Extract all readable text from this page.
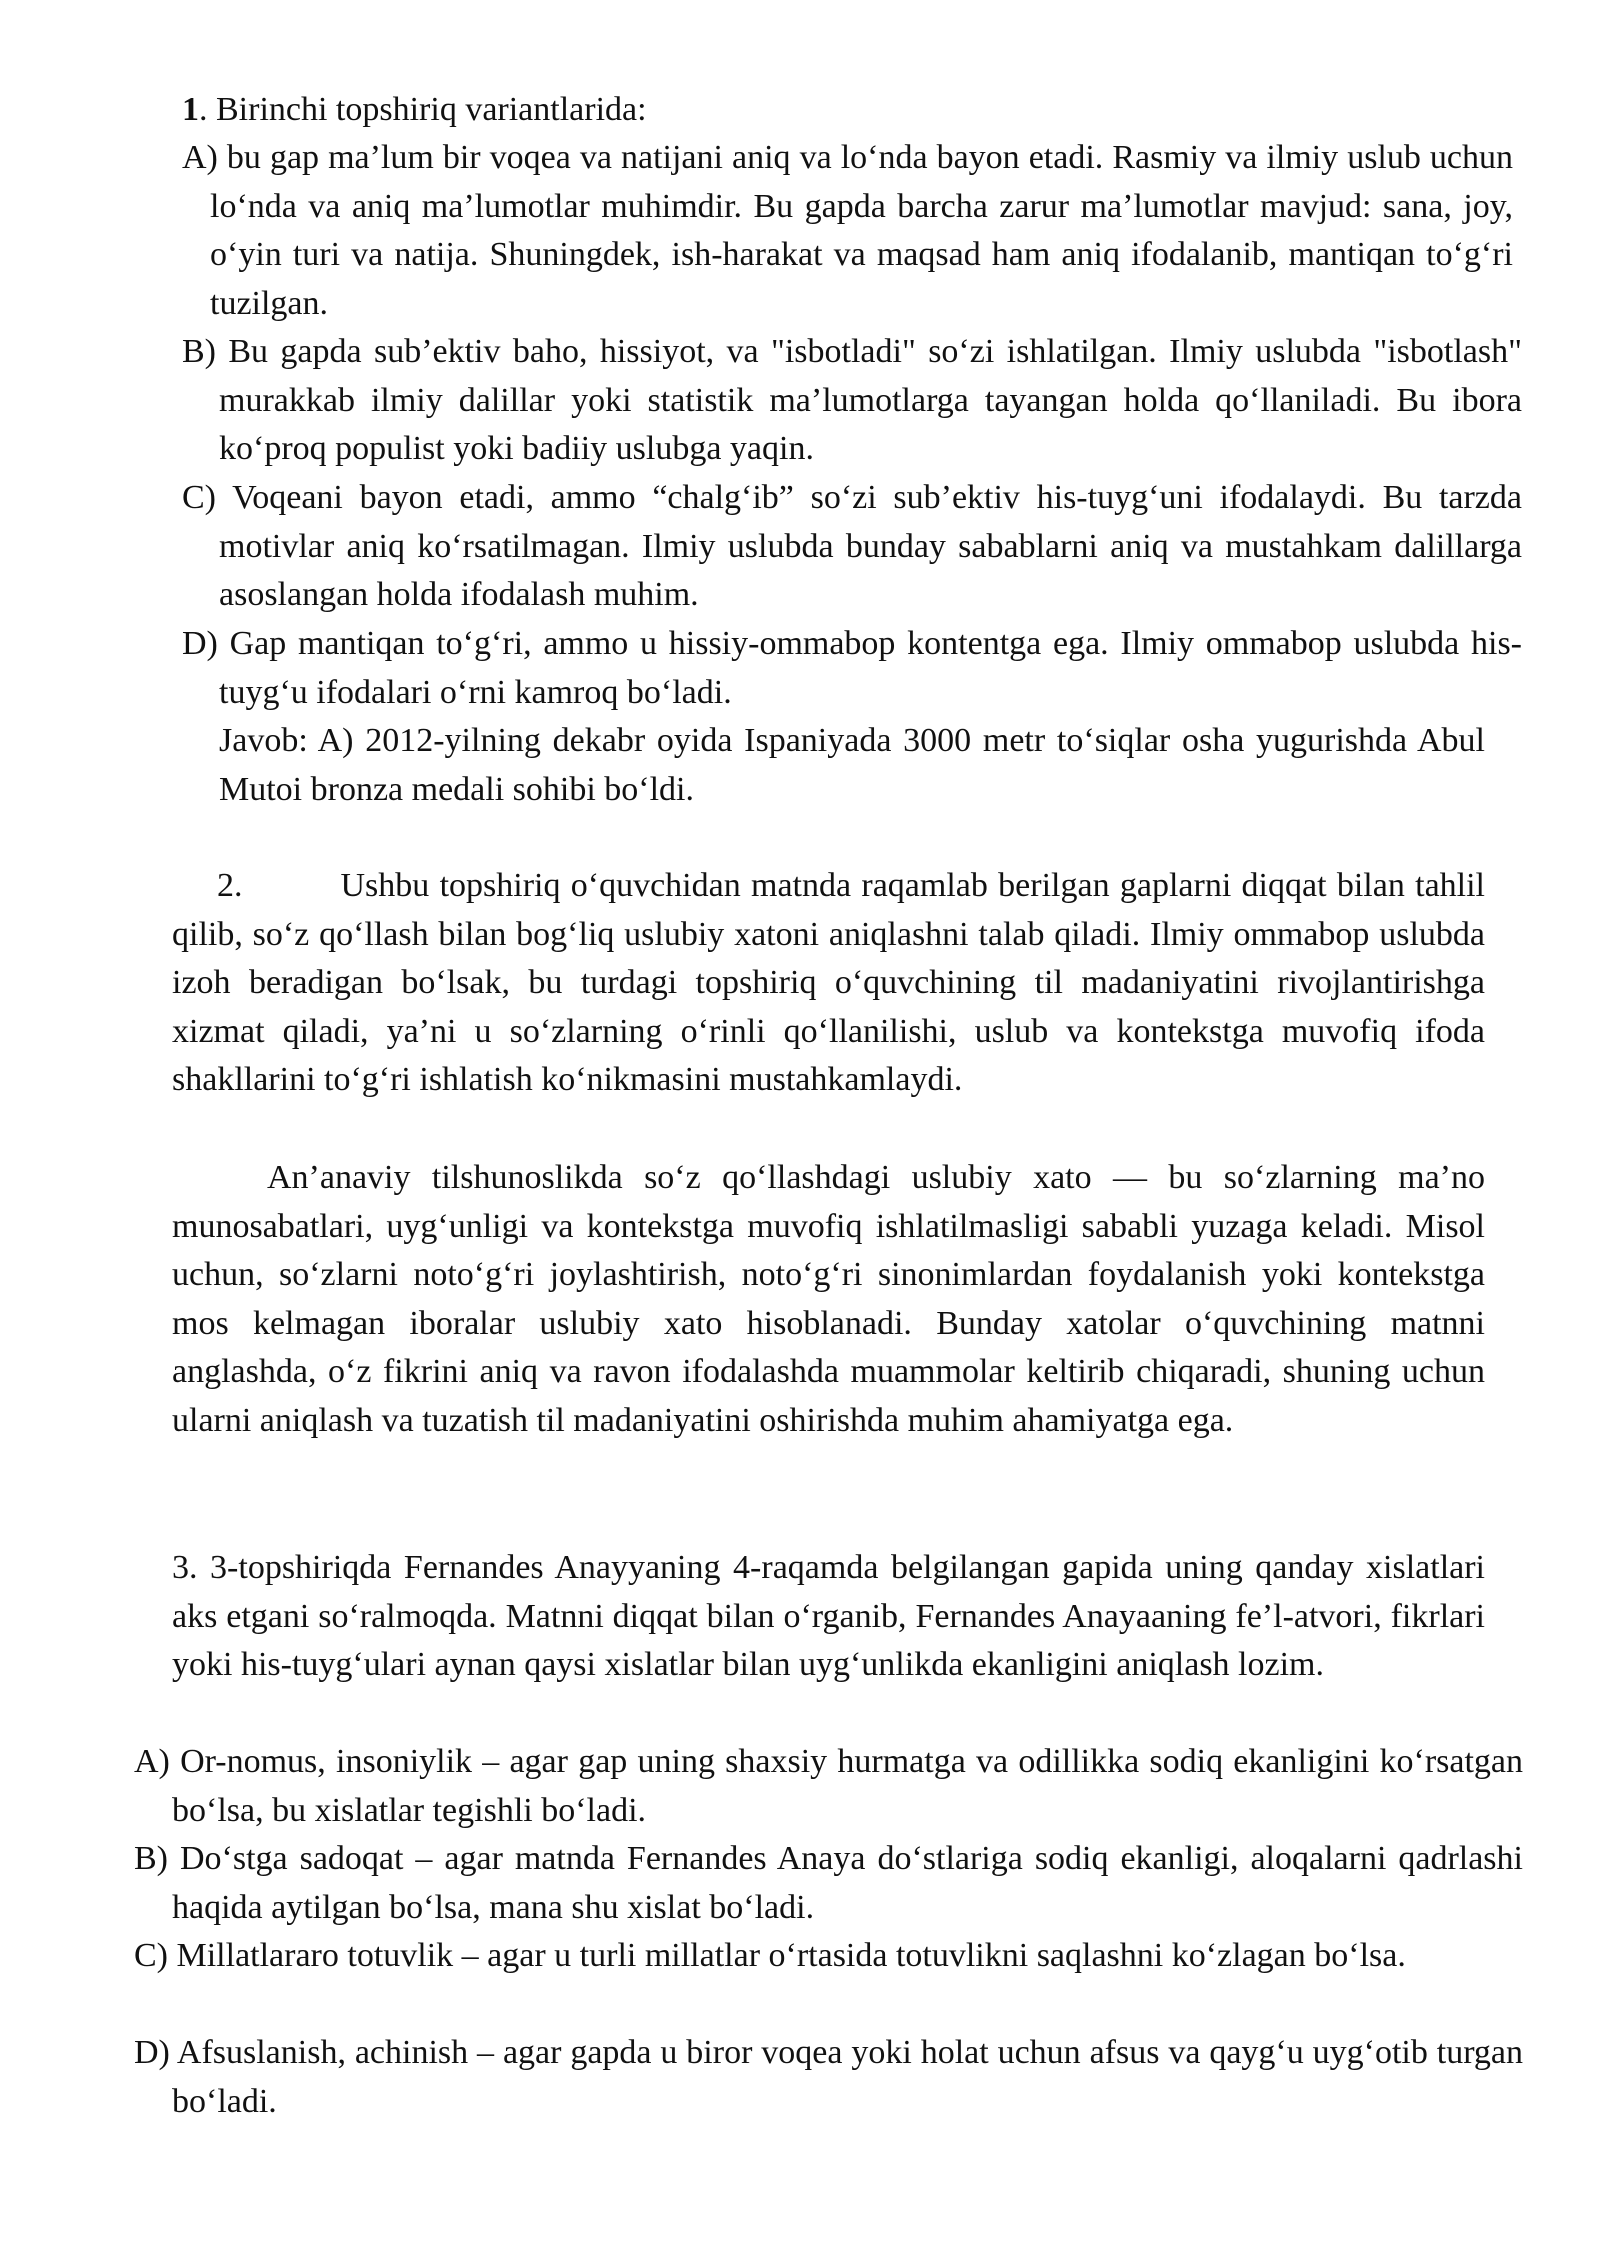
1. Birinchi topshiriq variantlarida:

A) bu gap ma’lum bir voqea va natijani aniq va lo‘nda bayon etadi. Rasmiy va ilmiy uslub uchun lo‘nda va aniq ma’lumotlar muhimdir. Bu gapda barcha zarur ma’lumotlar mavjud: sana, joy, o‘yin turi va natija. Shuningdek, ish-harakat va maqsad ham aniq ifodalanib, mantiqan to‘g‘ri tuzilgan.

B) Bu gapda sub’ektiv baho, hissiyot, va "isbotladi" so‘zi ishlatilgan. Ilmiy uslubda "isbotlash" murakkab ilmiy dalillar yoki statistik ma’lumotlarga tayangan holda qo‘llaniladi. Bu ibora ko‘proq populist yoki badiiy uslubga yaqin.

C) Voqeani bayon etadi, ammo “chalg‘ib” so‘zi sub’ektiv his-tuyg‘uni ifodalaydi. Bu tarzda motivlar aniq ko‘rsatilmagan. Ilmiy uslubda bunday sabablarni aniq va mustahkam dalillarga asoslangan holda ifodalash muhim.

D) Gap mantiqan to‘g‘ri, ammo u hissiy-ommabop kontentga ega. Ilmiy ommabop uslubda his-tuyg‘u ifodalari o‘rni kamroq bo‘ladi.

Javob: A) 2012-yilning dekabr oyida Ispaniyada 3000 metr to‘siqlar osha yugurishda Abul Mutoi bronza medali sohibi bo‘ldi.

2.	Ushbu topshiriq o‘quvchidan matnda raqamlab berilgan gaplarni diqqat bilan tahlil qilib, so‘z qo‘llash bilan bog‘liq uslubiy xatoni aniqlashni talab qiladi. Ilmiy ommabop uslubda izoh beradigan bo‘lsak, bu turdagi topshiriq o‘quvchining til madaniyatini rivojlantirishga xizmat qiladi, ya’ni u so‘zlarning o‘rinli qo‘llanilishi, uslub va kontekstga muvofiq ifoda shakllarini to‘g‘ri ishlatish ko‘nikmasini mustahkamlaydi.

An’anaviy tilshunoslikda so‘z qo‘llashdagi uslubiy xato — bu so‘zlarning ma’no munosabatlari, uyg‘unligi va kontekstga muvofiq ishlatilmasligi sababli yuzaga keladi. Misol uchun, so‘zlarni noto‘g‘ri joylashtirish, noto‘g‘ri sinonimlardan foydalanish yoki kontekstga mos kelmagan iboralar uslubiy xato hisoblanadi. Bunday xatolar o‘quvchining matnni anglashda, o‘z fikrini aniq va ravon ifodalashda muammolar keltirib chiqaradi, shuning uchun ularni aniqlash va tuzatish til madaniyatini oshirishda muhim ahamiyatga ega.

3. 3-topshiriqda Fernandes Anayyaning 4-raqamda belgilangan gapida uning qanday xislatlari aks etgani so‘ralmoqda. Matnni diqqat bilan o‘rganib, Fernandes Anayaaning fe’l-atvori, fikrlari yoki his-tuyg‘ulari aynan qaysi xislatlar bilan uyg‘unlikda ekanligini aniqlash lozim.

A) Or-nomus, insoniylik – agar gap uning shaxsiy hurmatga va odillikka sodiq ekanligini ko‘rsatgan bo‘lsa, bu xislatlar tegishli bo‘ladi.

B) Do‘stga sadoqat – agar matnda Fernandes Anaya do‘stlariga sodiq ekanligi, aloqalarni qadrlashi haqida aytilgan bo‘lsa, mana shu xislat bo‘ladi.

C) Millatlararo totuvlik – agar u turli millatlar o‘rtasida totuvlikni saqlashni ko‘zlagan bo‘lsa.

D) Afsuslanish, achinish – agar gapda u biror voqea yoki holat uchun afsus va qayg‘u uyg‘otib turgan bo‘ladi.
